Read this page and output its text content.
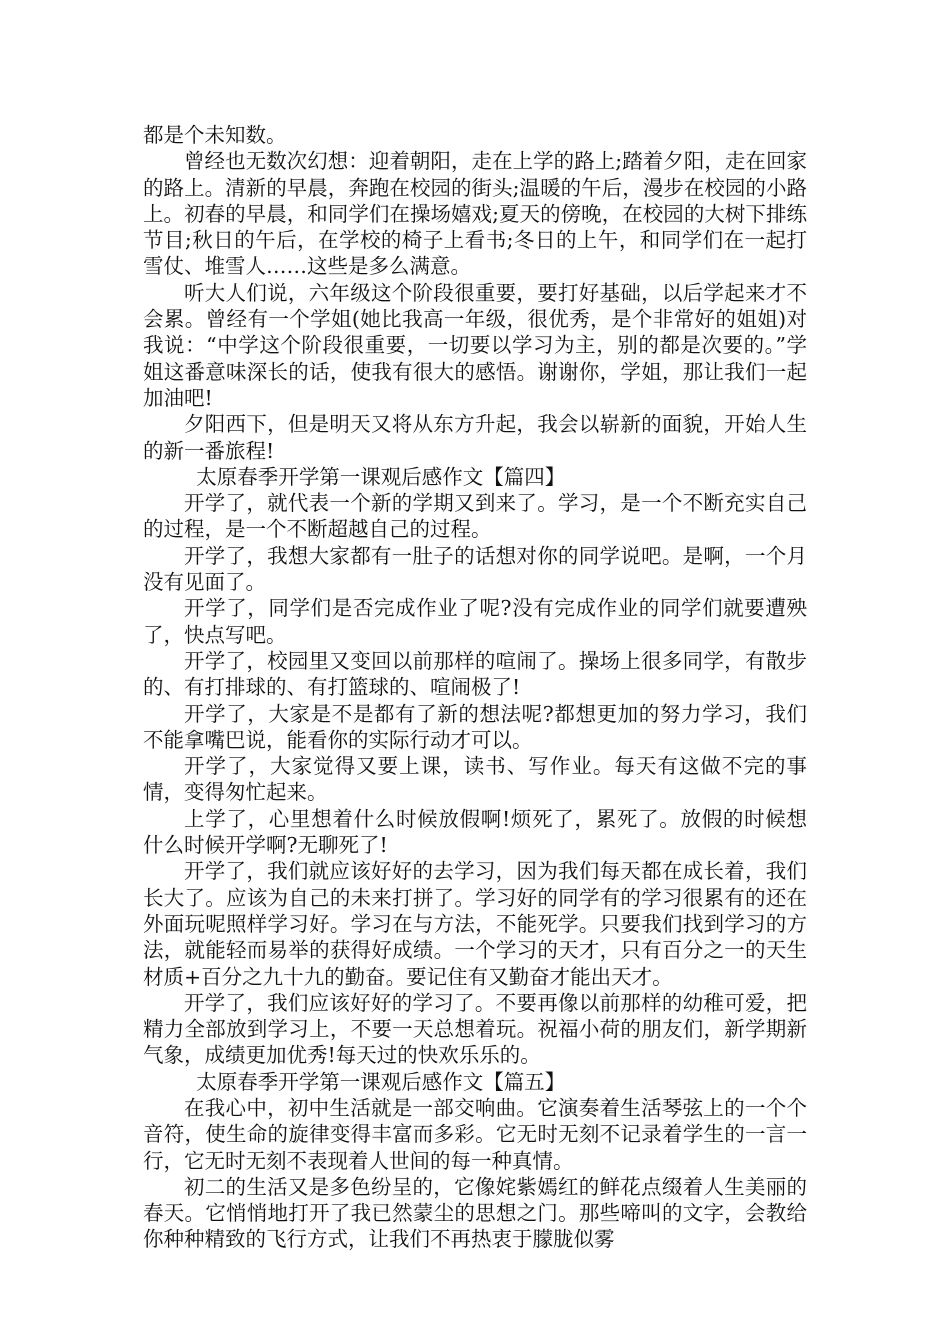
都是个未知数。

曾经也无数次幻想：迎着朝阳，走在上学的路上;踏着夕阳，走在回家的路上。清新的早晨，奔跑在校园的街头;温暖的午后，漫步在校园的小路上。初春的早晨，和同学们在操场嬉戏;夏天的傍晚，在校园的大树下排练节目;秋日的午后，在学校的椅子上看书;冬日的上午，和同学们在一起打雪仗、堆雪人……这些是多么满意。

听大人们说，六年级这个阶段很重要，要打好基础，以后学起来才不会累。曾经有一个学姐(她比我高一年级，很优秀，是个非常好的姐姐)对我说：“中学这个阶段很重要，一切要以学习为主，别的都是次要的。”学姐这番意味深长的话，使我有很大的感悟。谢谢你，学姐，那让我们一起加油吧!

夕阳西下，但是明天又将从东方升起，我会以崭新的面貌，开始人生的新一番旅程!

太原春季开学第一课观后感作文【篇四】

开学了，就代表一个新的学期又到来了。学习，是一个不断充实自己的过程，是一个不断超越自己的过程。

开学了，我想大家都有一肚子的话想对你的同学说吧。是啊，一个月没有见面了。

开学了，同学们是否完成作业了呢?没有完成作业的同学们就要遭殃了，快点写吧。

开学了，校园里又变回以前那样的喧闹了。操场上很多同学，有散步的、有打排球的、有打篮球的、喧闹极了!

开学了，大家是不是都有了新的想法呢?都想更加的努力学习，我们不能拿嘴巴说，能看你的实际行动才可以。

开学了，大家觉得又要上课，读书、写作业。每天有这做不完的事情，变得匆忙起来。

上学了，心里想着什么时候放假啊!烦死了，累死了。放假的时候想什么时候开学啊?无聊死了!

开学了，我们就应该好好的去学习，因为我们每天都在成长着，我们长大了。应该为自己的未来打拼了。学习好的同学有的学习很累有的还在外面玩呢照样学习好。学习在与方法，不能死学。只要我们找到学习的方法，就能轻而易举的获得好成绩。一个学习的天才，只有百分之一的天生材质+百分之九十九的勤奋。要记住有又勤奋才能出天才。

开学了，我们应该好好的学习了。不要再像以前那样的幼稚可爱，把精力全部放到学习上，不要一天总想着玩。祝福小荷的朋友们，新学期新气象，成绩更加优秀!每天过的快欢乐乐的。

太原春季开学第一课观后感作文【篇五】

在我心中，初中生活就是一部交响曲。它演奏着生活琴弦上的一个个音符，使生命的旋律变得丰富而多彩。它无时无刻不记录着学生的一言一行，它无时无刻不表现着人世间的每一种真情。

初二的生活又是多色纷呈的，它像姹紫嫣红的鲜花点缀着人生美丽的春天。它悄悄地打开了我已然蒙尘的思想之门。那些啼叫的文字，会教给你种种精致的飞行方式，让我们不再热衷于朦胧似雾
